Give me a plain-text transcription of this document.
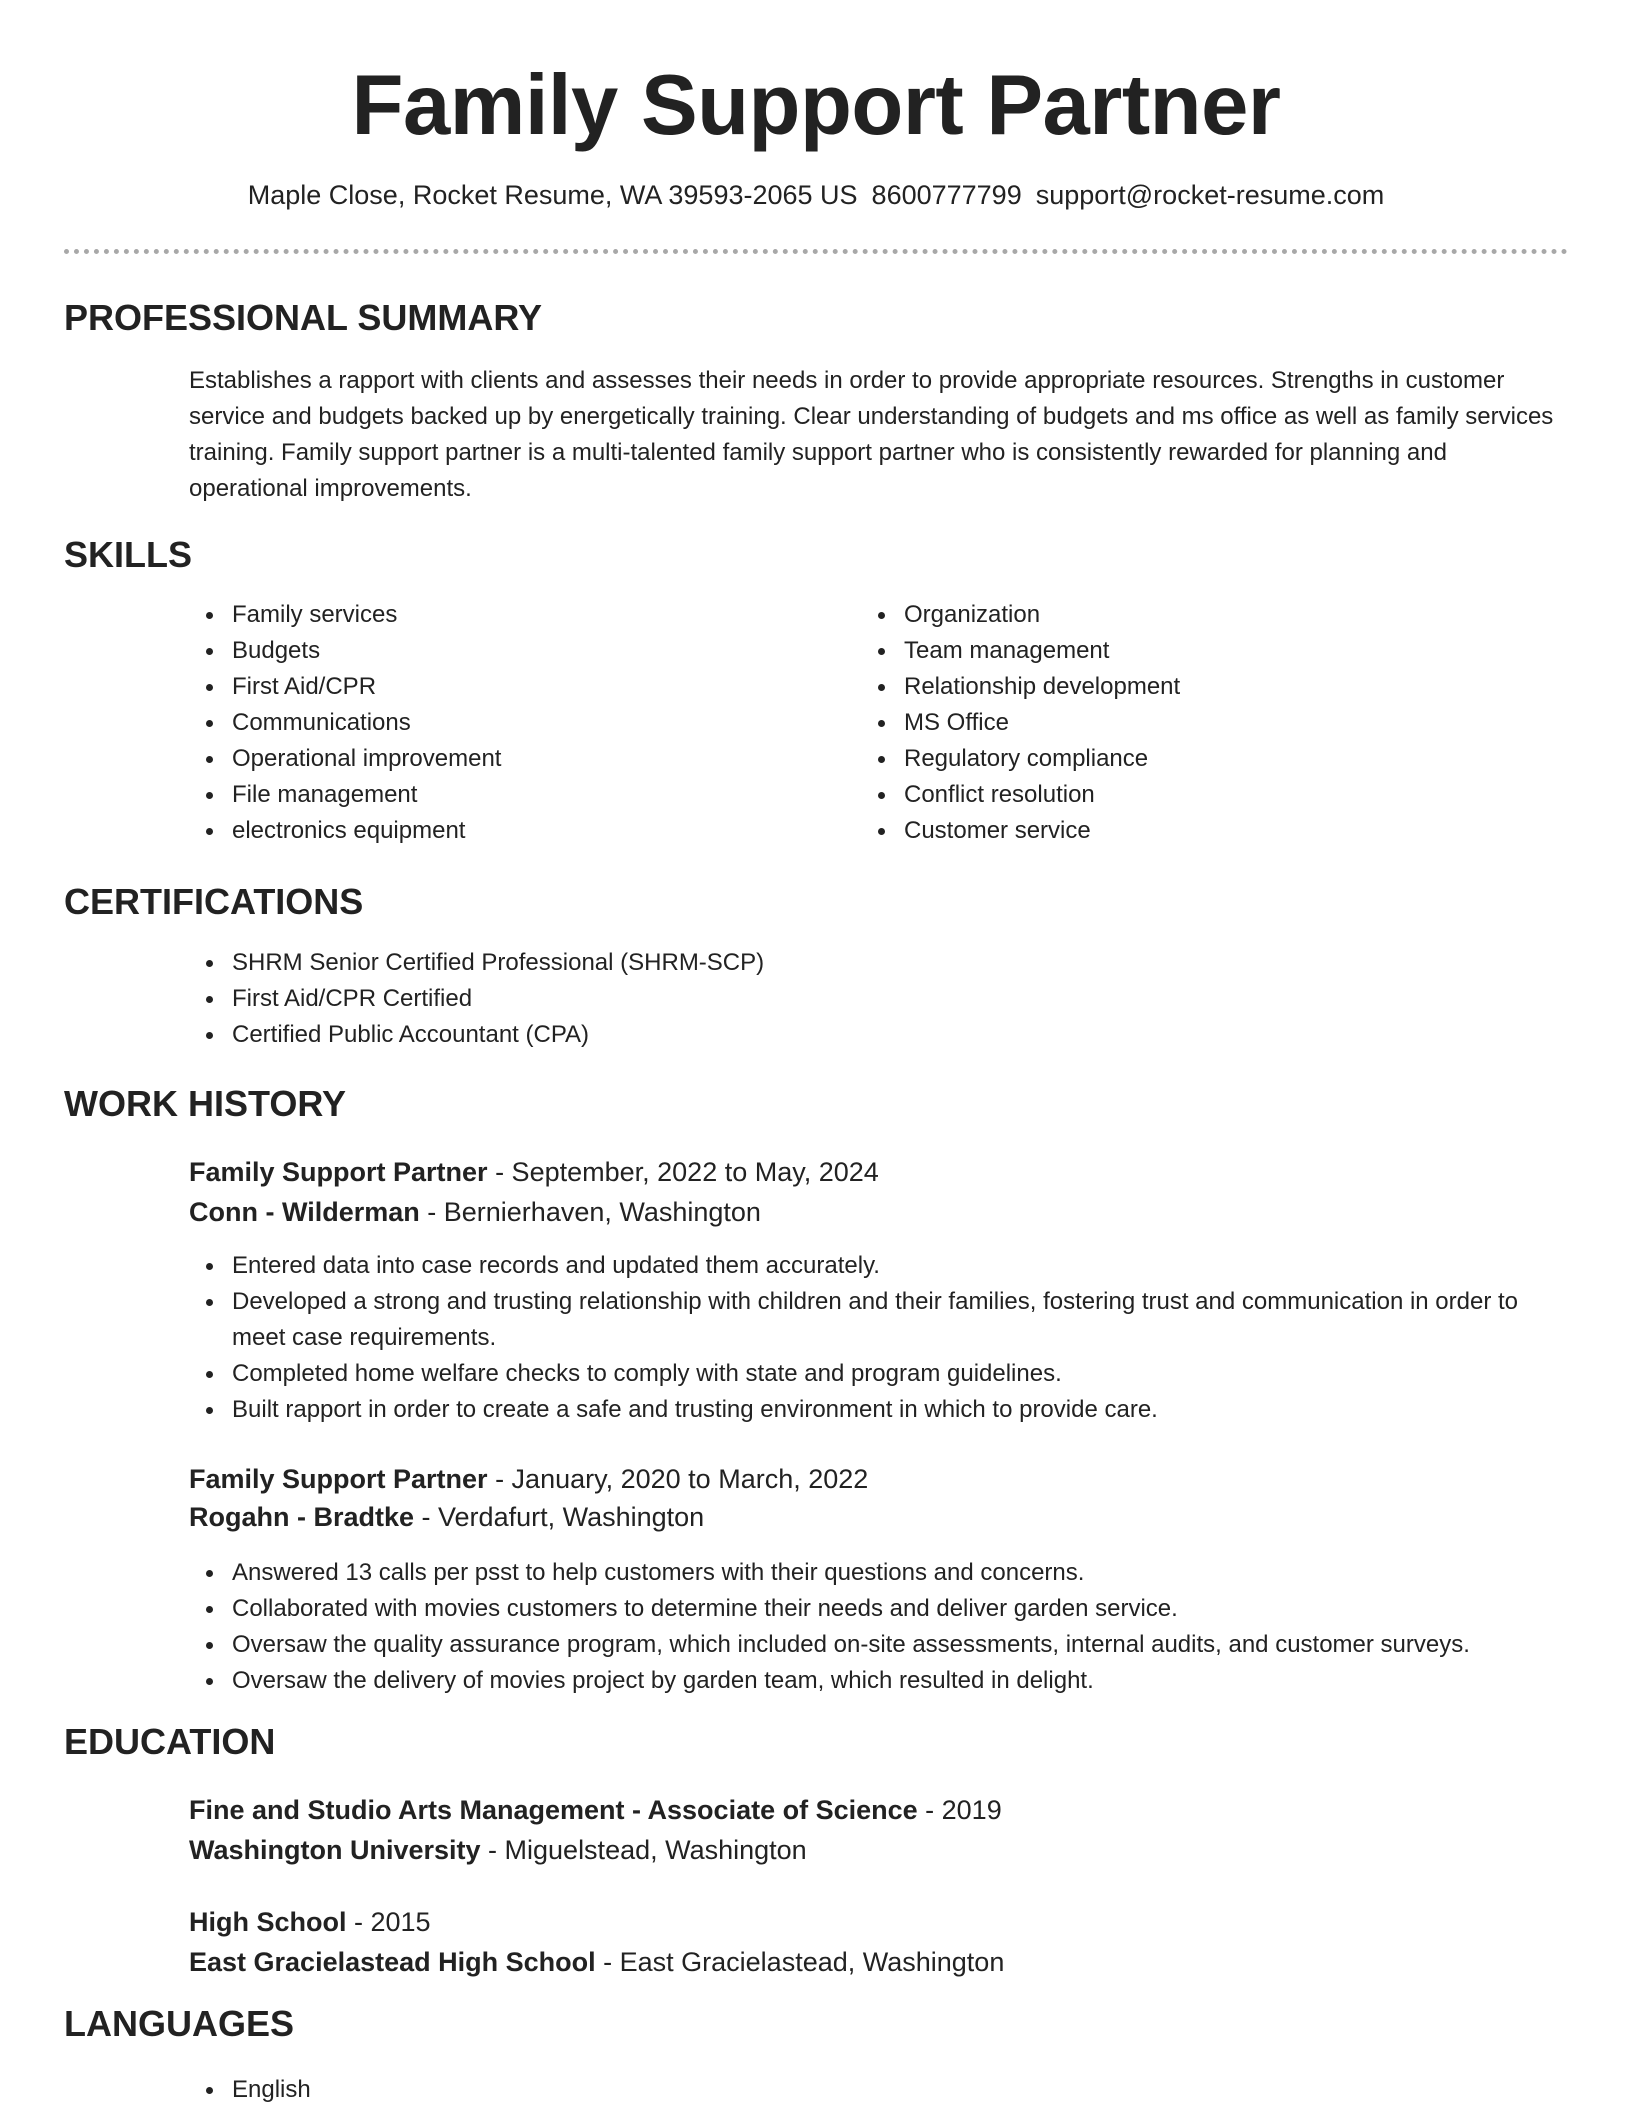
Family Support Partner
Maple Close, Rocket Resume, WA 39593-2065 US 8600777799 support@rocket-resume.com
PROFESSIONAL SUMMARY

Establishes a rapport with clients and assesses their needs in order to provide appropriate resources. Strengths in customer service and budgets backed up by energetically training. Clear understanding of budgets and ms office as well as family services training. Family support partner is a multi-talented family support partner who is consistently rewarded for planning and operational improvements.

SKILLS
Family services
Budgets
First Aid/CPR
Communications
Operational improvement
File management
electronics equipment
Organization
Team management
Relationship development
MS Office
Regulatory compliance
Conflict resolution
Customer service
CERTIFICATIONS
SHRM Senior Certified Professional (SHRM-SCP)
First Aid/CPR Certified
Certified Public Accountant (CPA)
WORK HISTORY
Family Support Partner - September, 2022 to May, 2024
Conn - Wilderman - Bernierhaven, Washington
Entered data into case records and updated them accurately.
Developed a strong and trusting relationship with children and their families, fostering trust and communication in order to meet case requirements.
Completed home welfare checks to comply with state and program guidelines.
Built rapport in order to create a safe and trusting environment in which to provide care.
Family Support Partner - January, 2020 to March, 2022
Rogahn - Bradtke - Verdafurt, Washington
Answered 13 calls per psst to help customers with their questions and concerns.
Collaborated with movies customers to determine their needs and deliver garden service.
Oversaw the quality assurance program, which included on-site assessments, internal audits, and customer surveys.
Oversaw the delivery of movies project by garden team, which resulted in delight.
EDUCATION
Fine and Studio Arts Management - Associate of Science - 2019
Washington University - Miguelstead, Washington
High School - 2015
East Gracielastead High School - East Gracielastead, Washington
LANGUAGES
English
